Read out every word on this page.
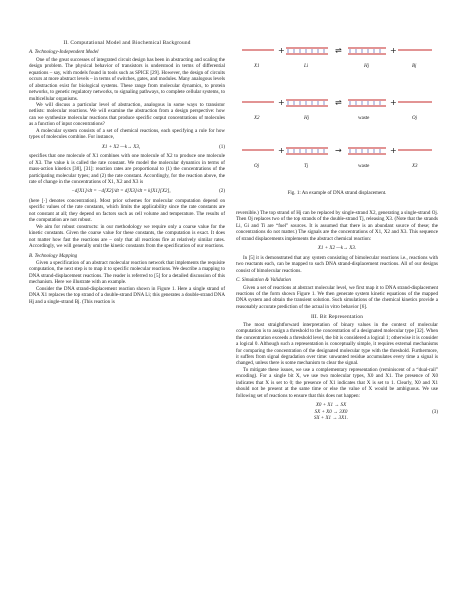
II. Computational Model and Biochemical Background
A. Technology-Independent Model

One of the great successes of integrated circuit design has been in abstracting and scaling the design problem. The physical behavior of transistors is understood in terms of differential equations – say, with models found in tools such as SPICE [29]. However, the design of circuits occurs at more abstract levels – in terms of switches, gates, and modules. Many analogous levels of abstraction exist for biological systems. These range from molecular dynamics, to protein networks, to genetic regulatory networks, to signaling pathways, to complete cellular systems, to multicellular organisms.

We will discuss a particular level of abstraction, analogous in some ways to transistor netlists: molecular reactions. We will examine the abstraction from a design perspective: how can we synthesize molecular reactions that produce specific output concentrations of molecules as a function of input concentrations?

A molecular system consists of a set of chemical reactions, each specifying a rule for how types of molecules combine. For instance,

X1 + X2 —k→ X3,	(1)

specifies that one molecule of X1 combines with one molecule of X2 to produce one molecule of X3. The value k is called the rate constant. We model the molecular dynamics in terms of mass-action kinetics [30], [31]: reaction rates are proportional to (1) the concentrations of the participating molecular types; and (2) the rate constant. Accordingly, for the reaction above, the rate of change in the concentrations of X1, X2 and X3 is

−d[X1]/dt = −d[X2]/dt = d[X3]/dt = k[X1][X2],	(2)

(here [·] denotes concentration). Most prior schemes for molecular computation depend on specific values of the rate constants, which limits the applicability since the rate constants are not constant at all; they depend on factors such as cell volume and temperature. The results of the computation are not robust.

We aim for robust constructs: in our methodology we require only a coarse value for the kinetic constants. Given the coarse value for these constants, the computation is exact. It does not matter how fast the reactions are – only that all reactions fire at relatively similar rates. Accordingly, we will generally omit the kinetic constants from the specification of our reactions.

B. Technology Mapping

Given a specification of an abstract molecular reaction network that implements the requisite computation, the next step is to map it to specific molecular reactions. We describe a mapping to DNA strand-displacement reactions. The reader is referred to [5] for a detailed discussion of this mechanism. Here we illustrate with an example.

Consider the DNA strand-displacement reaction shown in Figure 1. Here a single strand of DNA X1 replaces the top strand of a double-strand DNA Li; this generates a double-strand DNA Hj and a single-strand Bj. (This reaction is

+	⇌	+
+	⇌	+
+	→	+
X1	Li	Hj	Bj
X2	Hj	waste	Oj
Oj	Tj	waste	X3
Fig. 1: An example of DNA strand displacement.

reversible.) The top strand of Hj can be replaced by single-strand X2, generating a single-strand Oj. Then Oj replaces two of the top strands of the double-strand Tj, releasing X3. (Note that the strands Li, Gi and Ti are “fuel” sources. It is assumed that there is an abundant source of these; the concentrations do not matter.) The signals are the concentrations of X1, X2 and X3. This sequence of strand displacements implements the abstract chemical reaction:

X1 + X2 —k→ X3.

In [5] it is demonstrated that any system consisting of bimolecular reactions i.e., reactions with two reactants each, can be mapped to such DNA strand-displacement reactions. All of our designs consist of bimolecular reactions.

C. Simulation & Validation

Given a set of reactions at abstract molecular level, we first map it to DNA strand-displacement reactions of the form shown Figure 1. We then generate system kinetic equations of the mapped DNA system and obtain the transient solution. Such simulations of the chemical kinetics provide a reasonably accurate prediction of the actual in vitro behavior [6].

III. Bit Representation

The most straightforward interpretation of binary values in the context of molecular computation is to assign a threshold to the concentration of a designated molecular type [32]. When the concentration exceeds a threshold level, the bit is considered a logical 1; otherwise it is consider a logical 0. Although such a representation is conceptually simple, it requires external mechanisms for comparing the concentration of the designated molecular type with the threshold. Furthermore, it suffers from signal degradation over time: unwanted residue accumulates every time a signal is changed, unless there is some mechanism to clear the signal.

To mitigate these issues, we use a complementary representation (reminiscent of a “dual-rail” encoding). For a single bit X, we use two molecular types, X0 and X1. The presence of X0 indicates that X is set to 0; the presence of X1 indicates that X is set to 1. Clearly, X0 and X1 should not be present at the same time or else the value of X would be ambiguous. We use following set of reactions to ensure that this does not happen:

X0 + X1 → SX
SX + X0 → 3X0
SX + X1 → 3X1.
(3)
